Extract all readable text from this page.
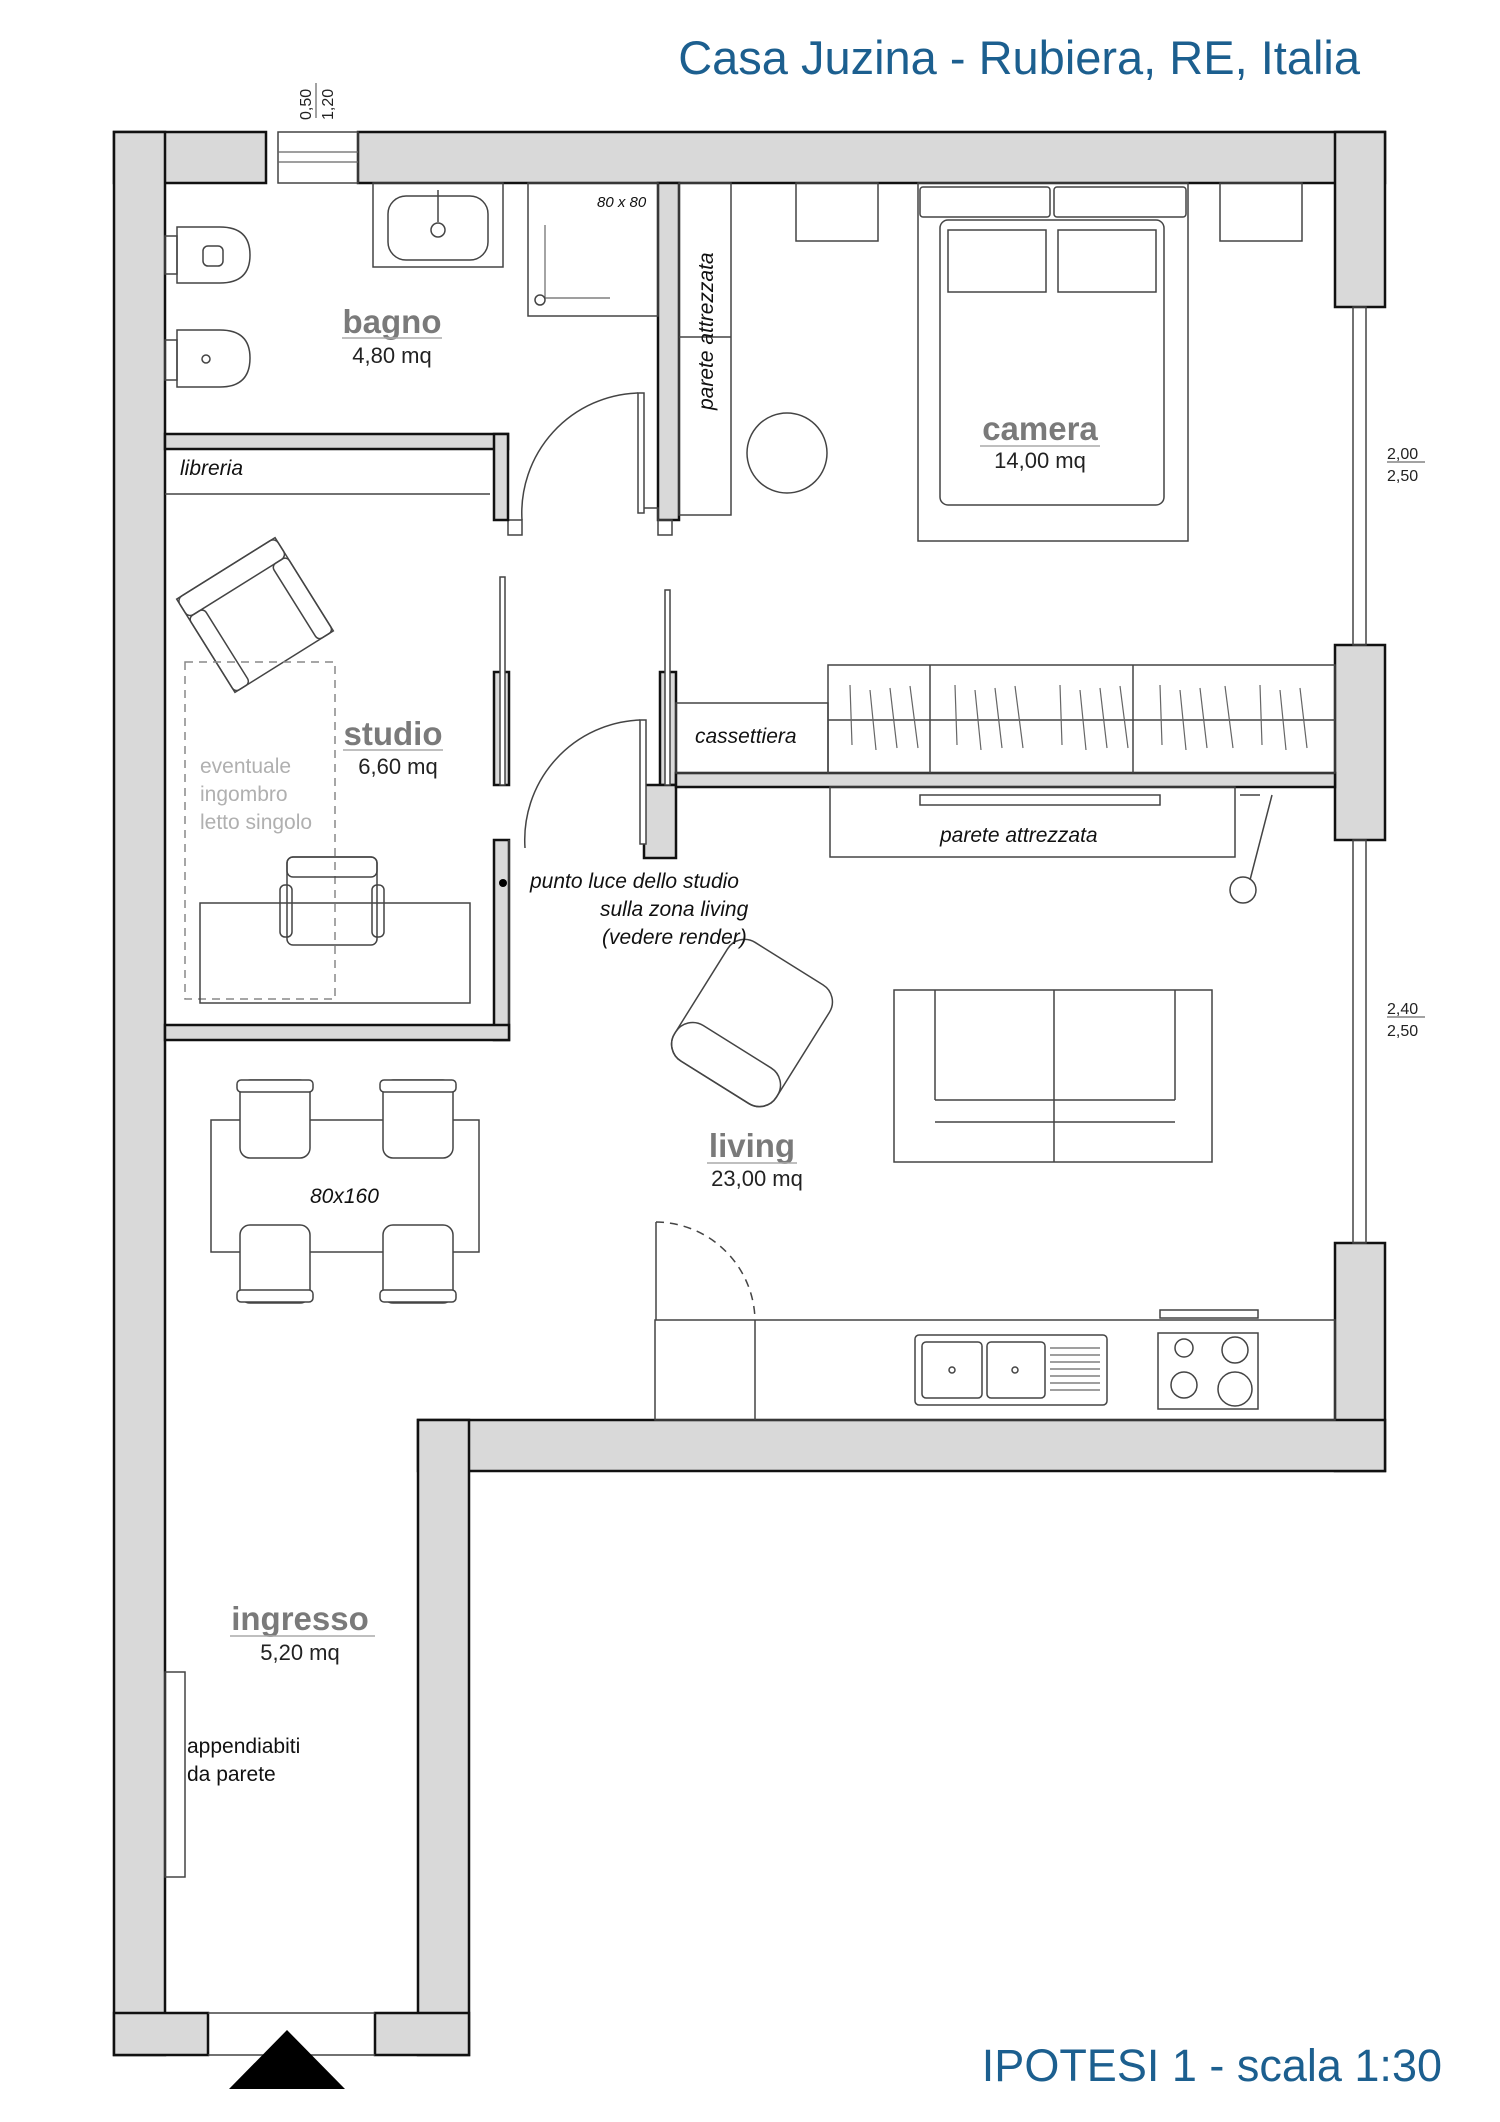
Casa Juzina - Rubiera, RE, Italia
IPOTESI 1 - scala 1:30
bagno
4,80 mq
camera
14,00 mq
studio
6,60 mq
living
23,00 mq
ingresso
5,20 mq
80 x 80
parete attrezzata
libreria
eventuale
ingombro
letto singolo
cassettiera
parete attrezzata
punto luce dello studio
sulla zona living
(vedere render)
80x160
appendiabiti
da parete
0,50 1,20
2,00
2,50
2,40
2,50
